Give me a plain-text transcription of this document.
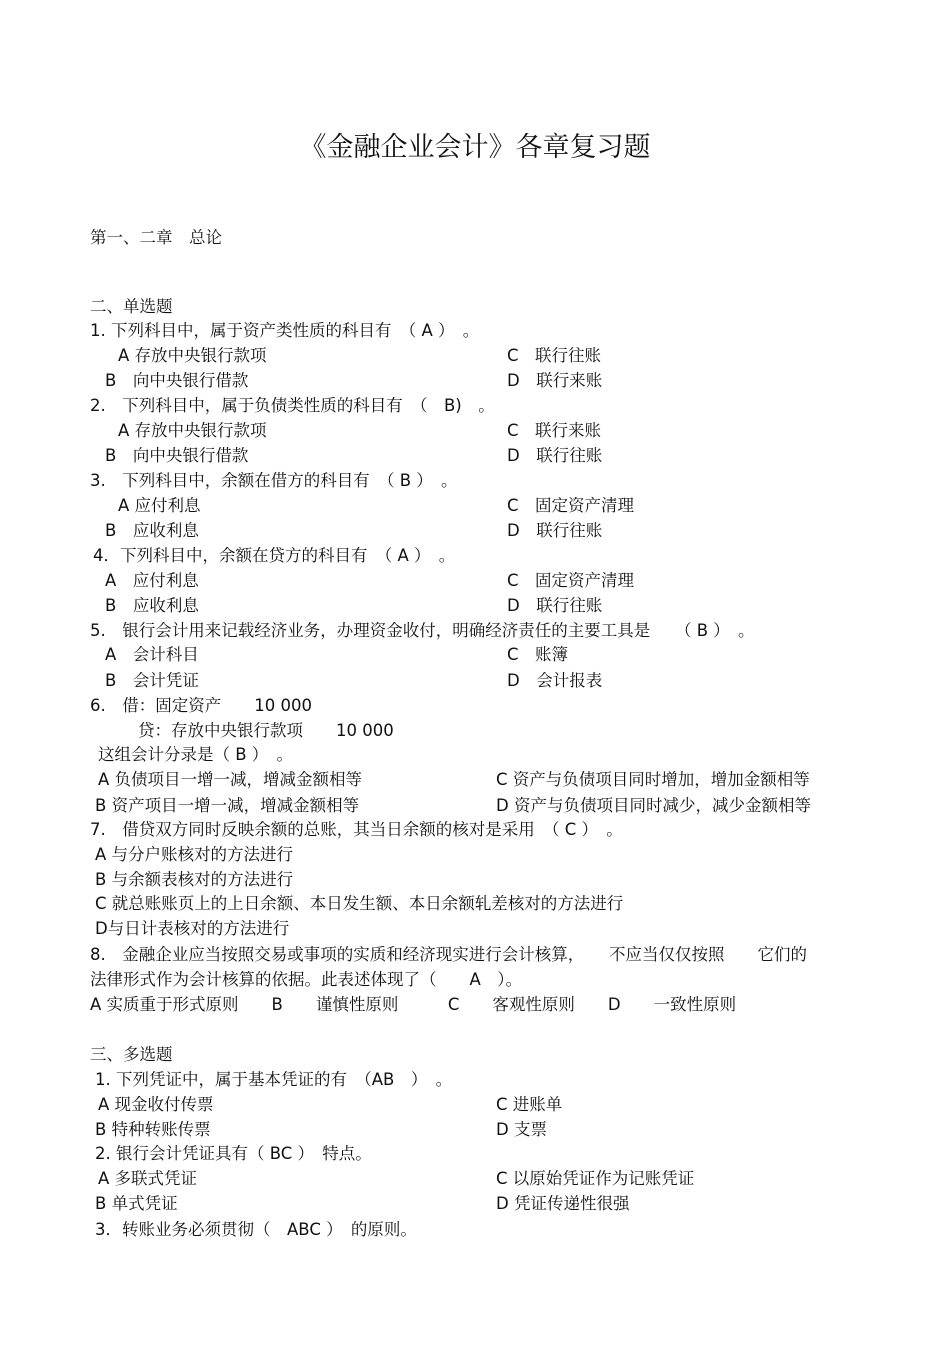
《金融企业会计》各章复习题
第一、二章　总论
二、单选题
1. 下列科目中，属于资产类性质的科目有　（ A ）　。
A 存放中央银行款项	C　联行往账
B　向中央银行借款	D　联行来账
2.　下列科目中，属于负债类性质的科目有　（　B)　。
A 存放中央银行款项	C　联行来账
B　向中央银行借款	D　联行往账
3.　下列科目中，余额在借方的科目有　（ B ）　。
A 应付利息	C　固定资产清理
B　应收利息	D　联行往账
4．下列科目中，余额在贷方的科目有　（ A ）　。
A　应付利息	C　固定资产清理
B　应收利息	D　联行往账
5.　银行会计用来记载经济业务，办理资金收付，明确经济责任的主要工具是　　（ B ）　。
A　会计科目	C　账簿
B　会计凭证	D　会计报表
6.　借：固定资产　　10 000
贷：存放中央银行款项　　10 000
这组会计分录是（ B ）　。
A 负债项目一增一减，增减金额相等	C 资产与负债项目同时增加，增加金额相等
B 资产项目一增一减，增减金额相等	D 资产与负债项目同时减少，减少金额相等
7.　借贷双方同时反映余额的总账，其当日余额的核对是采用　（ C ）　。
A 与分户账核对的方法进行
B 与余额表核对的方法进行
C 就总账账页上的上日余额、本日发生额、本日余额轧差核对的方法进行
D与日计表核对的方法进行
8.　金融企业应当按照交易或事项的实质和经济现实进行会计核算，　　不应当仅仅按照　　它们的
法律形式作为会计核算的依据。此表述体现了（　　A　）。
A 实质重于形式原则　　B　　谨慎性原则　　　C　　客观性原则　　D　　一致性原则
三、多选题
1. 下列凭证中，属于基本凭证的有　（AB　）　。
A 现金收付传票	C 进账单
B 特种转账传票	D 支票
2. 银行会计凭证具有（ BC ）　特点。
A 多联式凭证	C 以原始凭证作为记账凭证
B 单式凭证	D 凭证传递性很强
3．转账业务必须贯彻（　ABC ）　的原则。
